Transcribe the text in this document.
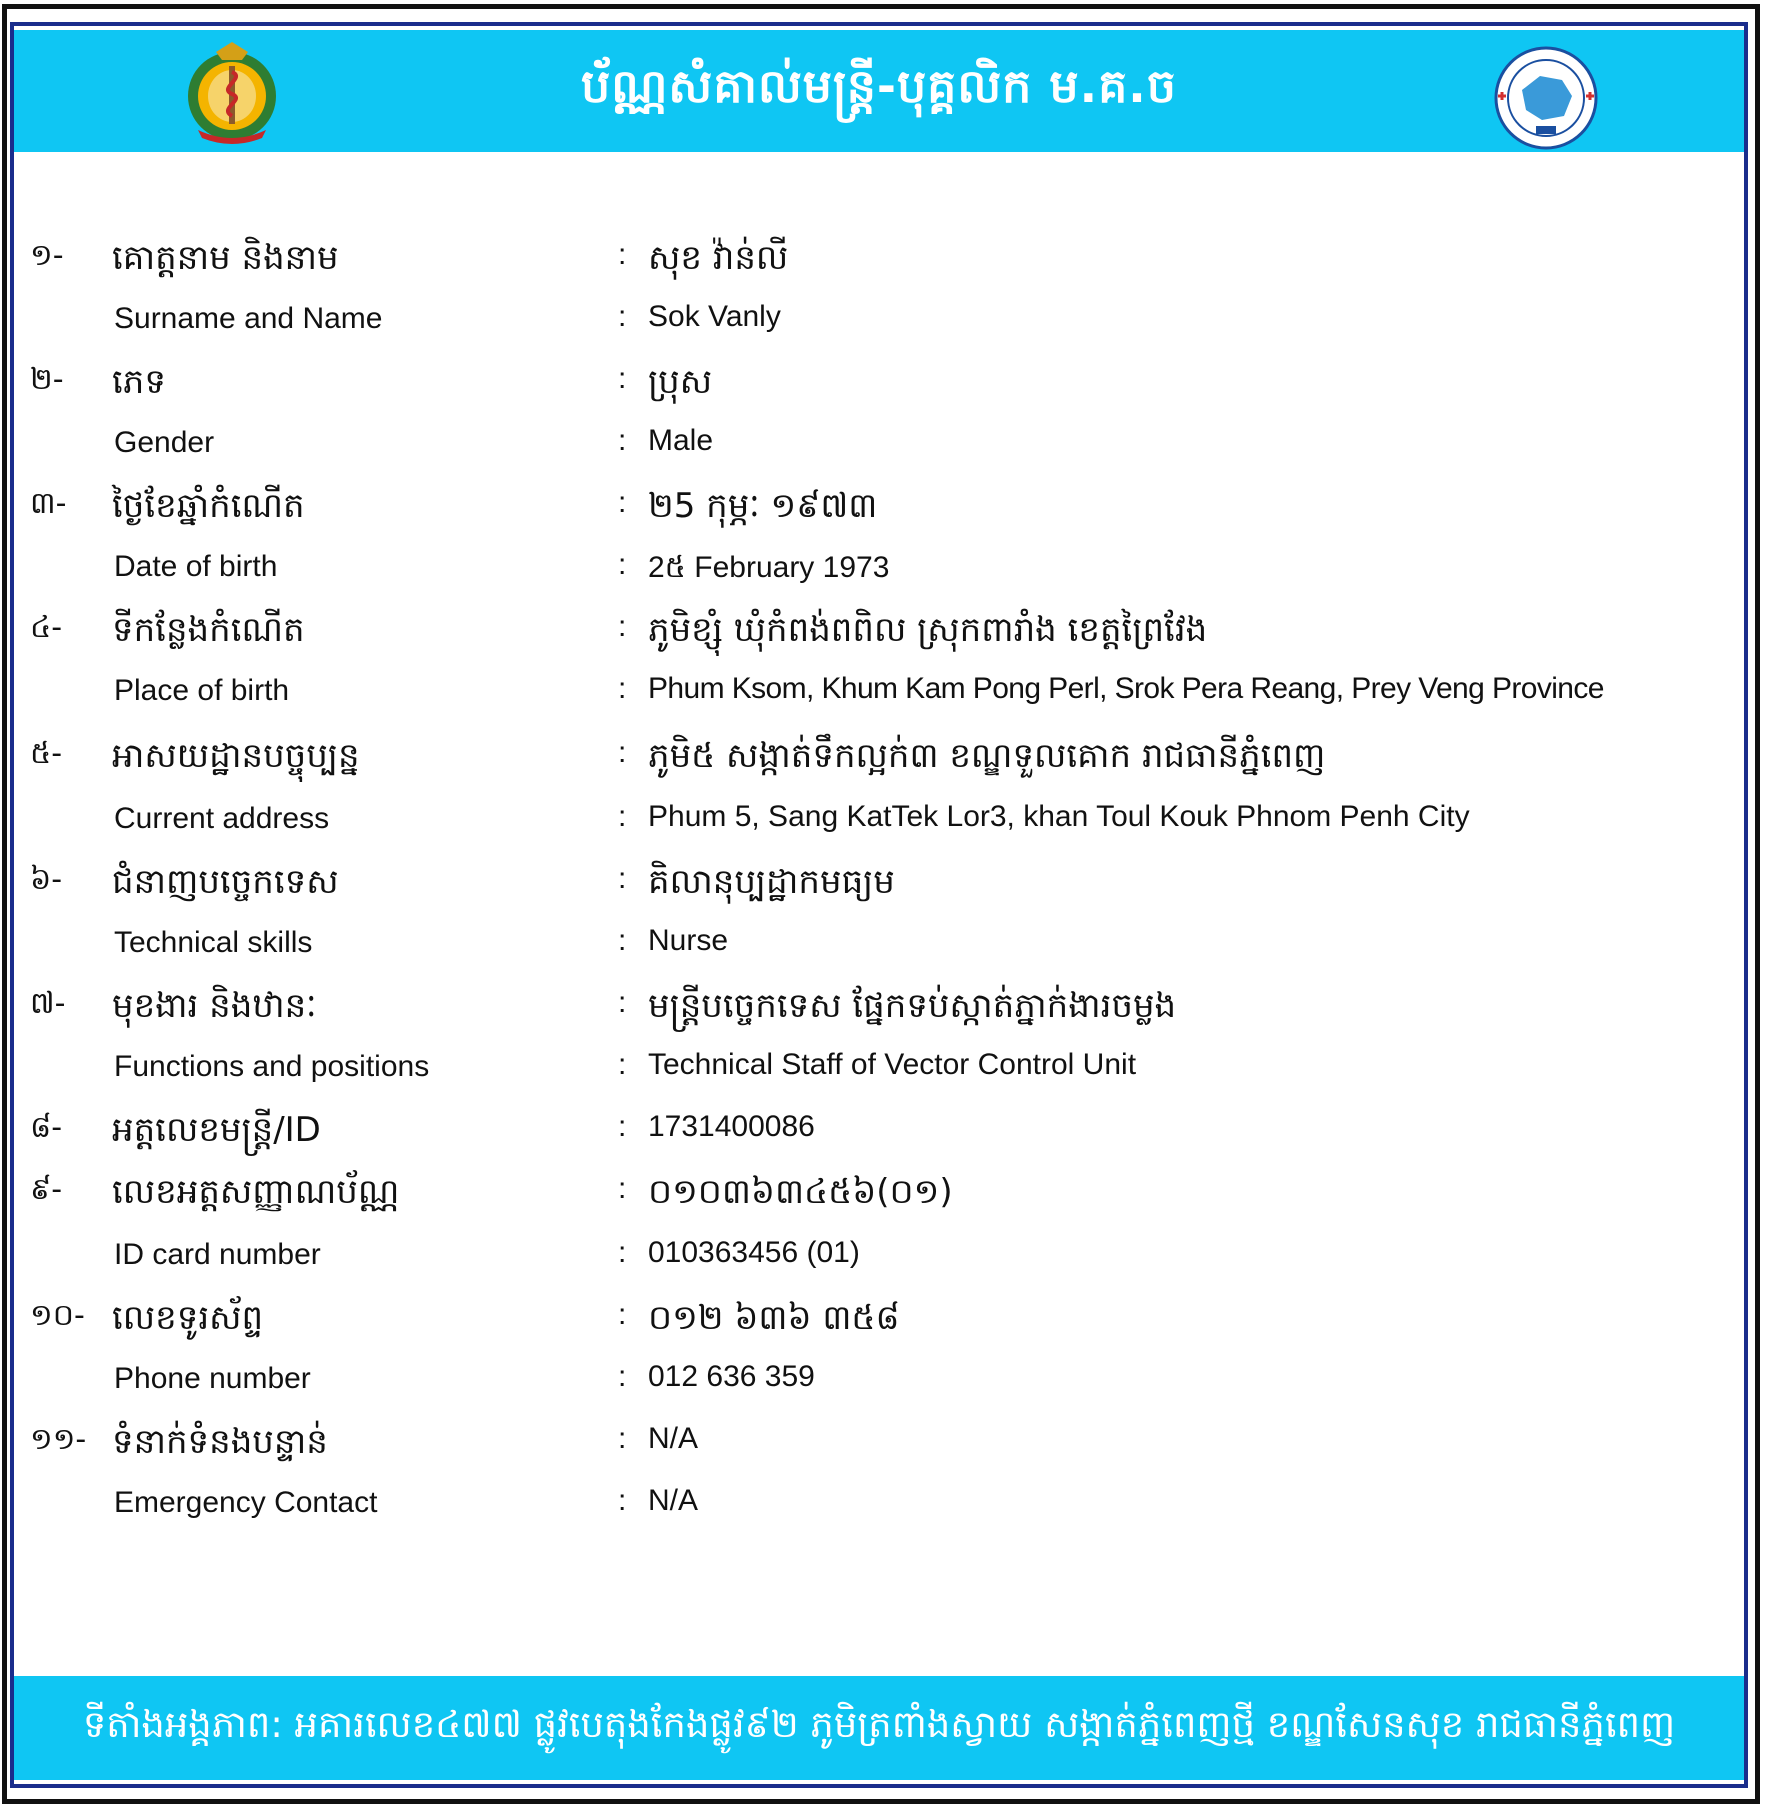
ប័ណ្ណសំគាល់មន្ត្រី-បុគ្គលិក ម.គ.ច
១- គោត្តនាម និងនាម	: សុខ វ៉ាន់លី
Surname and Name	: Sok Vanly
២- ភេទ	: ប្រុស
Gender	: Male
៣- ថ្ងៃខែឆ្នាំកំណើត	: ២5 កុម្ភៈ ១៩៧៣
Date of birth	: 2៥ February 1973
៤- ទីកន្លែងកំណើត	: ភូមិខ្សុំ ឃុំកំពង់ពពិល ស្រុកពារាំង ខេត្តព្រៃវែង
Place of birth	: Phum Ksom, Khum Kam Pong Perl, Srok Pera Reang, Prey Veng Province
៥- អាសយដ្ឋានបច្ចុប្បន្ន	: ភូមិ៥ សង្កាត់ទឹកល្អក់៣ ខណ្ឌទួលគោក រាជធានីភ្នំពេញ
Current address	: Phum 5, Sang KatTek Lor3, khan Toul Kouk Phnom Penh City
៦- ជំនាញបច្ចេកទេស	: គិលានុប្បដ្ឋាកមធ្យម
Technical skills	: Nurse
៧- មុខងារ និងឋានៈ	: មន្ត្រីបច្ចេកទេស ផ្នែកទប់ស្កាត់ភ្នាក់ងារចម្លង
Functions and positions	: Technical Staff of Vector Control Unit
៨- អត្តលេខមន្ត្រី/ID	: 1731400086
៩- លេខអត្តសញ្ញាណប័ណ្ណ	: ០១០៣៦៣៤៥៦(០១)
ID card number	: 010363456 (01)
១០- លេខទូរស័ព្ទ	: ០១២ ៦៣៦ ៣៥៨
Phone number	: 012 636 359
១១- ទំនាក់ទំនងបន្ទាន់	: N/A
Emergency Contact	: N/A
ទីតាំងអង្គភាព: អគារលេខ៤៧៧ ផ្លូវបេតុងកែងផ្លូវ៩២ ភូមិត្រពាំងស្វាយ សង្កាត់ភ្នំពេញថ្មី ខណ្ឌសែនសុខ រាជធានីភ្នំពេញ
